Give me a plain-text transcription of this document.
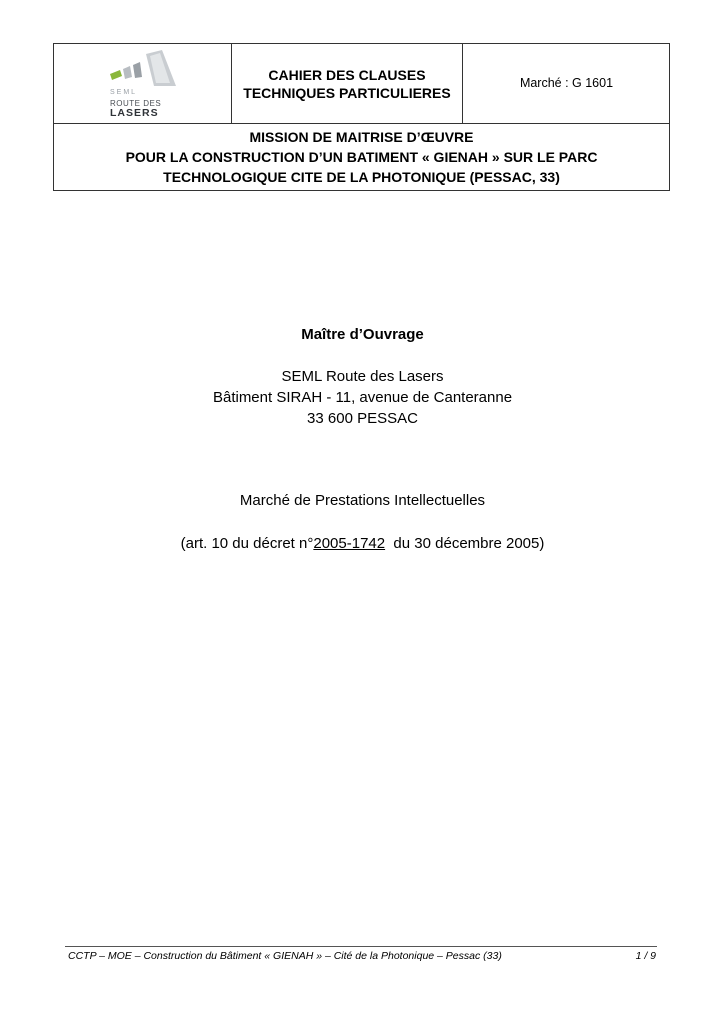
SEML
ROUTE DES
LASERS
CAHIER DES CLAUSES
TECHNIQUES PARTICULIERES
Marché : G 1601
MISSION DE MAITRISE D’ŒUVRE
POUR LA CONSTRUCTION D’UN BATIMENT « GIENAH » SUR LE PARC
TECHNOLOGIQUE CITE DE LA PHOTONIQUE (PESSAC, 33)
Maître d’Ouvrage
SEML Route des Lasers
Bâtiment SIRAH - 11, avenue de Canteranne
33 600 PESSAC
Marché de Prestations Intellectuelles
(art. 10 du décret n°2005-1742  du 30 décembre 2005)
CCTP – MOE – Construction du Bâtiment « GIENAH » – Cité de la Photonique – Pessac (33)	1 / 9
